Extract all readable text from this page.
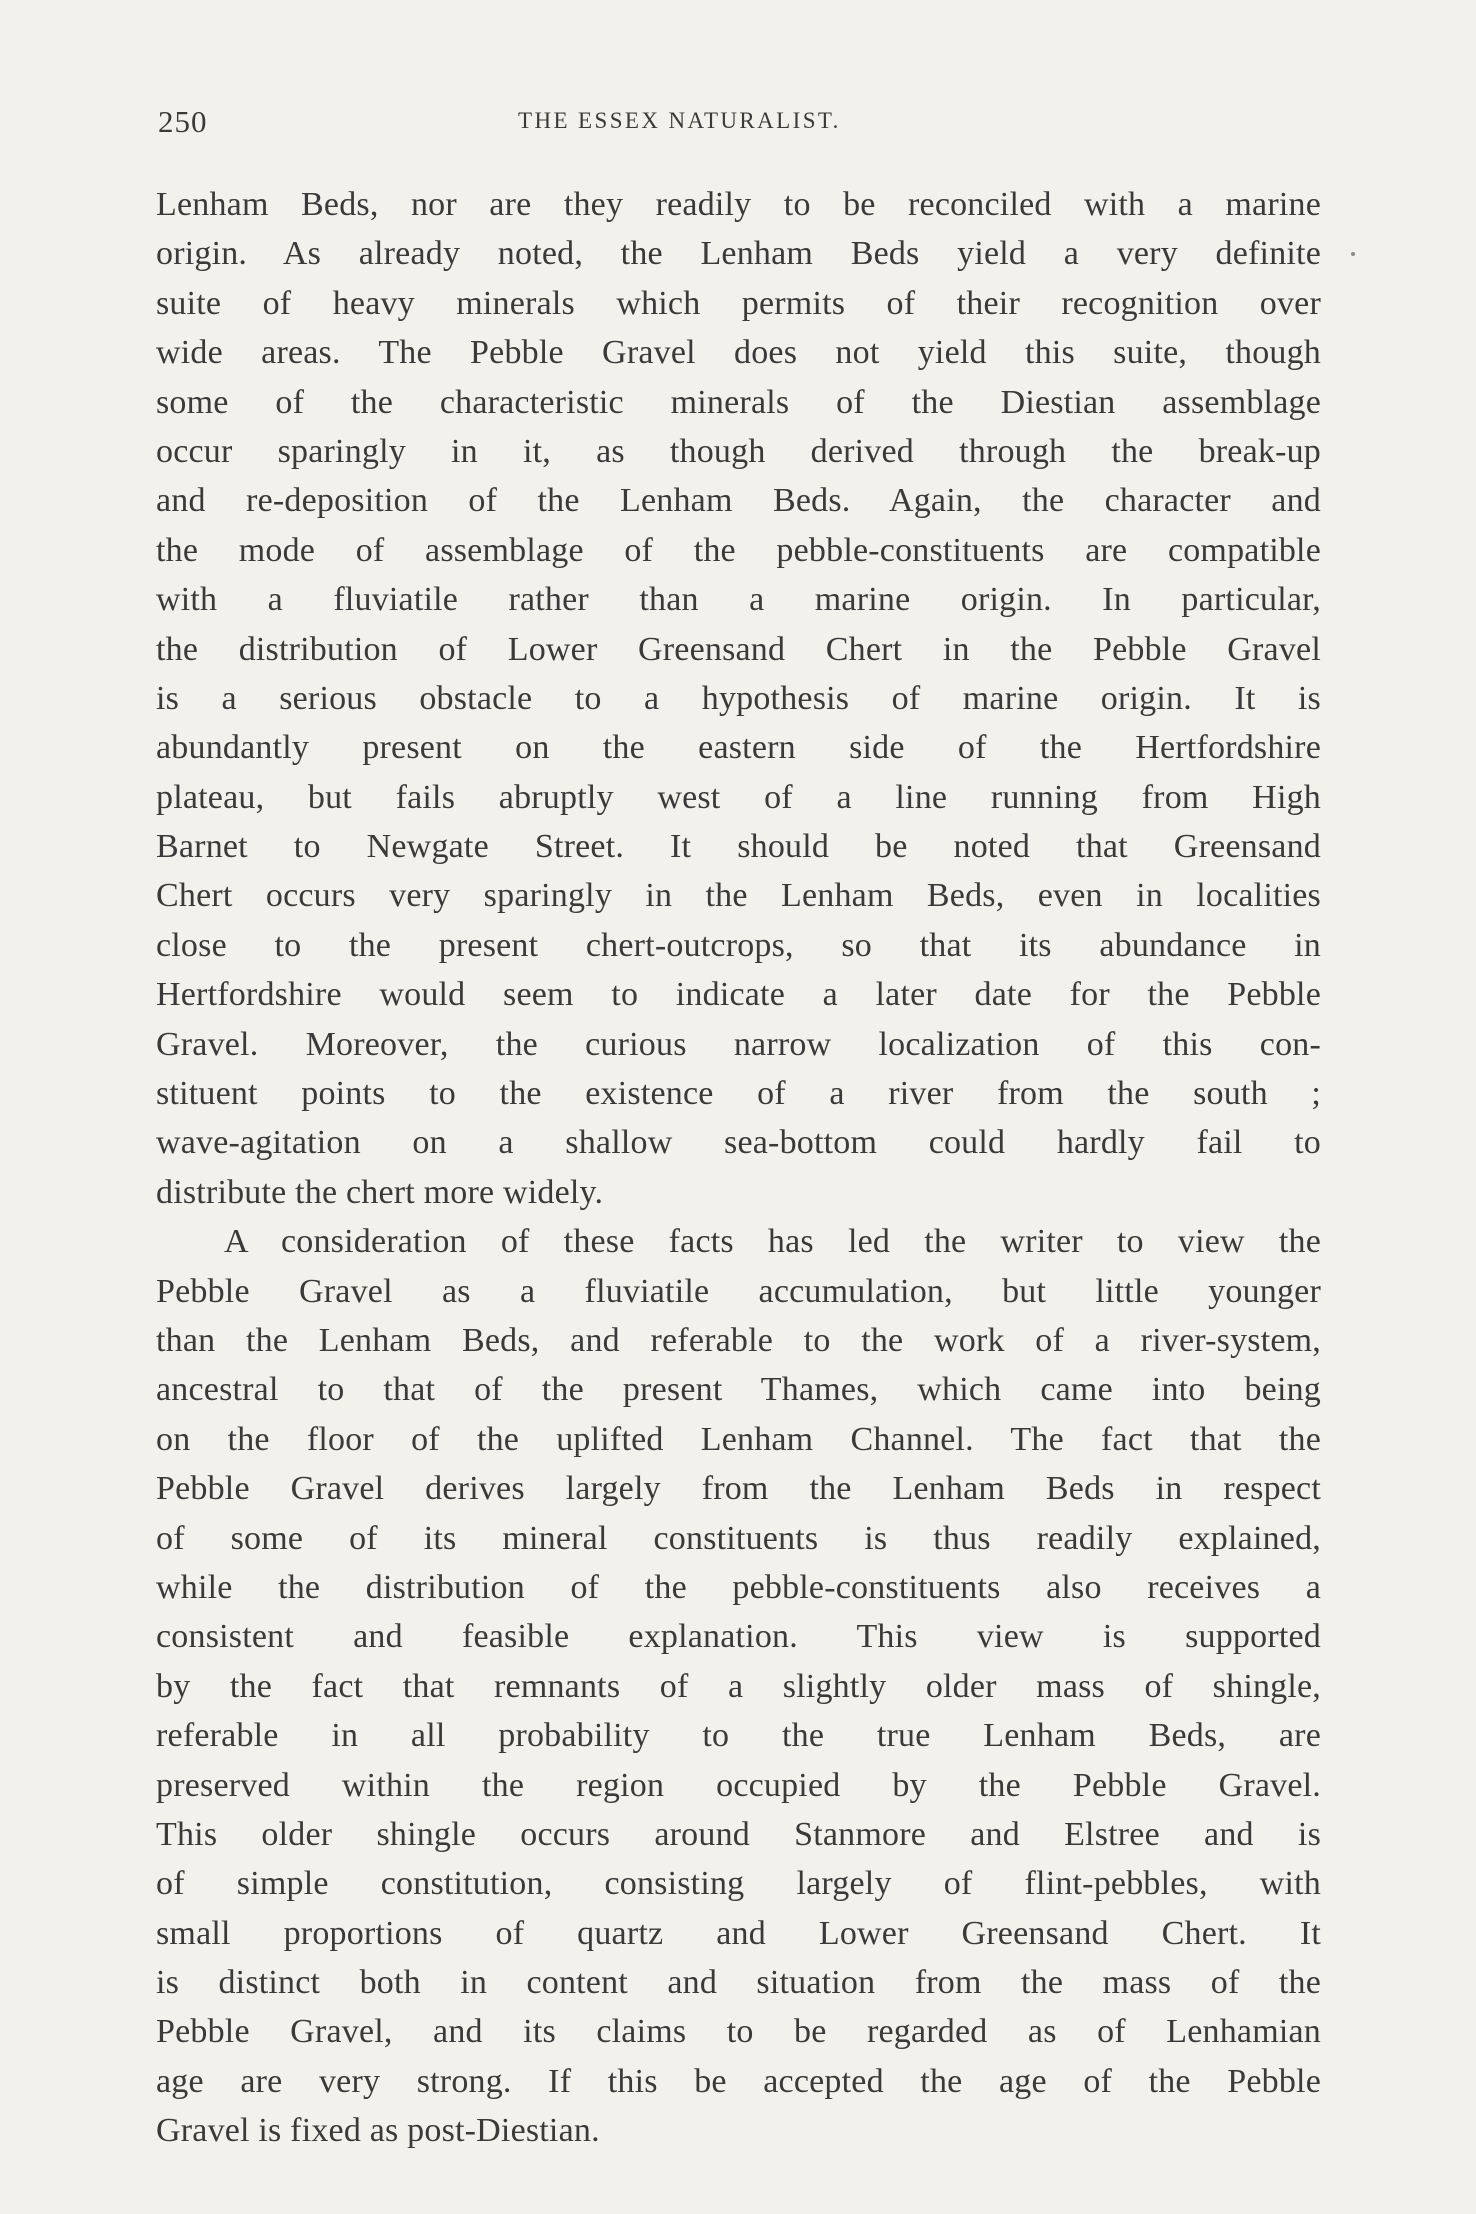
250	THE ESSEX NATURALIST.
Lenham Beds, nor are they readily to be reconciled with a marine
origin. As already noted, the Lenham Beds yield a very definite
suite of heavy minerals which permits of their recognition over
wide areas. The Pebble Gravel does not yield this suite, though
some of the characteristic minerals of the Diestian assemblage
occur sparingly in it, as though derived through the break-up
and re-deposition of the Lenham Beds. Again, the character and
the mode of assemblage of the pebble-constituents are compatible
with a fluviatile rather than a marine origin. In particular,
the distribution of Lower Greensand Chert in the Pebble Gravel
is a serious obstacle to a hypothesis of marine origin. It is
abundantly present on the eastern side of the Hertfordshire
plateau, but fails abruptly west of a line running from High
Barnet to Newgate Street. It should be noted that Greensand
Chert occurs very sparingly in the Lenham Beds, even in localities
close to the present chert-outcrops, so that its abundance in
Hertfordshire would seem to indicate a later date for the Pebble
Gravel. Moreover, the curious narrow localization of this con-
stituent points to the existence of a river from the south ;
wave-agitation on a shallow sea-bottom could hardly fail to
distribute the chert more widely.
A consideration of these facts has led the writer to view the
Pebble Gravel as a fluviatile accumulation, but little younger
than the Lenham Beds, and referable to the work of a river-system,
ancestral to that of the present Thames, which came into being
on the floor of the uplifted Lenham Channel. The fact that the
Pebble Gravel derives largely from the Lenham Beds in respect
of some of its mineral constituents is thus readily explained,
while the distribution of the pebble-constituents also receives a
consistent and feasible explanation. This view is supported
by the fact that remnants of a slightly older mass of shingle,
referable in all probability to the true Lenham Beds, are
preserved within the region occupied by the Pebble Gravel.
This older shingle occurs around Stanmore and Elstree and is
of simple constitution, consisting largely of flint-pebbles, with
small proportions of quartz and Lower Greensand Chert. It
is distinct both in content and situation from the mass of the
Pebble Gravel, and its claims to be regarded as of Lenhamian
age are very strong. If this be accepted the age of the Pebble
Gravel is fixed as post-Diestian.
